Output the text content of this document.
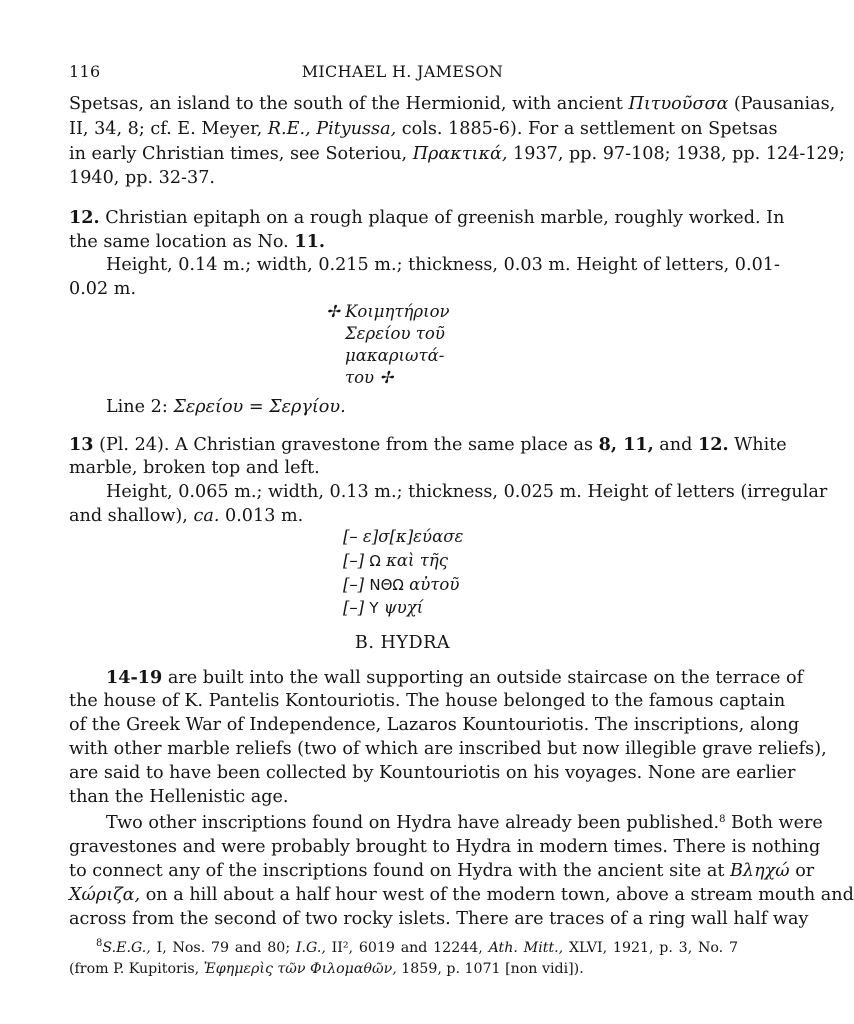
116	MICHAEL H. JAMESON
Spetsas, an island to the south of the Hermionid, with ancient Πιτυοῦσσα (Pausanias,
II, 34, 8; cf. E. Meyer, R.E., Pityussa, cols. 1885-6). For a settlement on Spetsas
in early Christian times, see Soteriou, Πρακτικά, 1937, pp. 97-108; 1938, pp. 124-129;
1940, pp. 32-37.
12. Christian epitaph on a rough plaque of greenish marble, roughly worked. In
the same location as No. 11.
Height, 0.14 m.; width, 0.215 m.; thickness, 0.03 m. Height of letters, 0.01-
0.02 m.
✢ Κοιμητήριον
Σερείου τοῦ
μακαριωτά-
του ✢
Line 2: Σερείου = Σεργίου.
13 (Pl. 24). A Christian gravestone from the same place as 8, 11, and 12. White
marble, broken top and left.
Height, 0.065 m.; width, 0.13 m.; thickness, 0.025 m. Height of letters (irregular
and shallow), ca. 0.013 m.
[– ε]σ[κ]εύασε
[–] Ω καὶ τῆς
[–] ΝΘΩ αὐτοῦ
[–] Υ ψυχί
B. HYDRA
14-19 are built into the wall supporting an outside staircase on the terrace of
the house of K. Pantelis Kontouriotis. The house belonged to the famous captain
of the Greek War of Independence, Lazaros Kountouriotis. The inscriptions, along
with other marble reliefs (two of which are inscribed but now illegible grave reliefs),
are said to have been collected by Kountouriotis on his voyages. None are earlier
than the Hellenistic age.
Two other inscriptions found on Hydra have already been published.$^8$ Both were
gravestones and were probably brought to Hydra in modern times. There is nothing
to connect any of the inscriptions found on Hydra with the ancient site at Βληχώ or
Χώριζα, on a hill about a half hour west of the modern town, above a stream mouth and
across from the second of two rocky islets. There are traces of a ring wall half way
$^8$S.E.G., I, Nos. 79 and 80; I.G., II², 6019 and 12244, Ath. Mitt., XLVI, 1921, p. 3, No. 7
(from P. Kupitoris, Ἐφημερὶς τῶν Φιλομαθῶν, 1859, p. 1071 [non vidi]).
